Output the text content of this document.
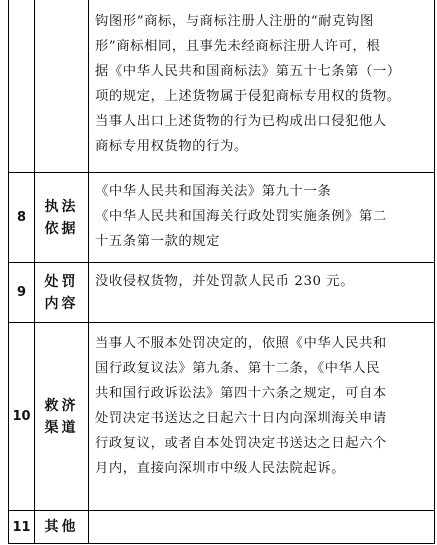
钩图形”商标，与商标注册人注册的“耐克钩图
形”商标相同，且事先未经商标注册人许可，根
据《中华人民共和国商标法》第五十七条第（一）
项的规定，上述货物属于侵犯商标专用权的货物。
当事人出口上述货物的行为已构成出口侵犯他人
商标专用权货物的行为。
8
执法
依据
《中华人民共和国海关法》第九十一条
《中华人民共和国海关行政处罚实施条例》第二
十五条第一款的规定
9
处罚
内容
没收侵权货物，并处罚款人民币 230 元。
10
救济
渠道
当事人不服本处罚决定的，依照《中华人民共和
国行政复议法》第九条、第十二条，《中华人民
共和国行政诉讼法》第四十六条之规定，可自本
处罚决定书送达之日起六十日内向深圳海关申请
行政复议，或者自本处罚决定书送达之日起六个
月内，直接向深圳市中级人民法院起诉。
11 其他
